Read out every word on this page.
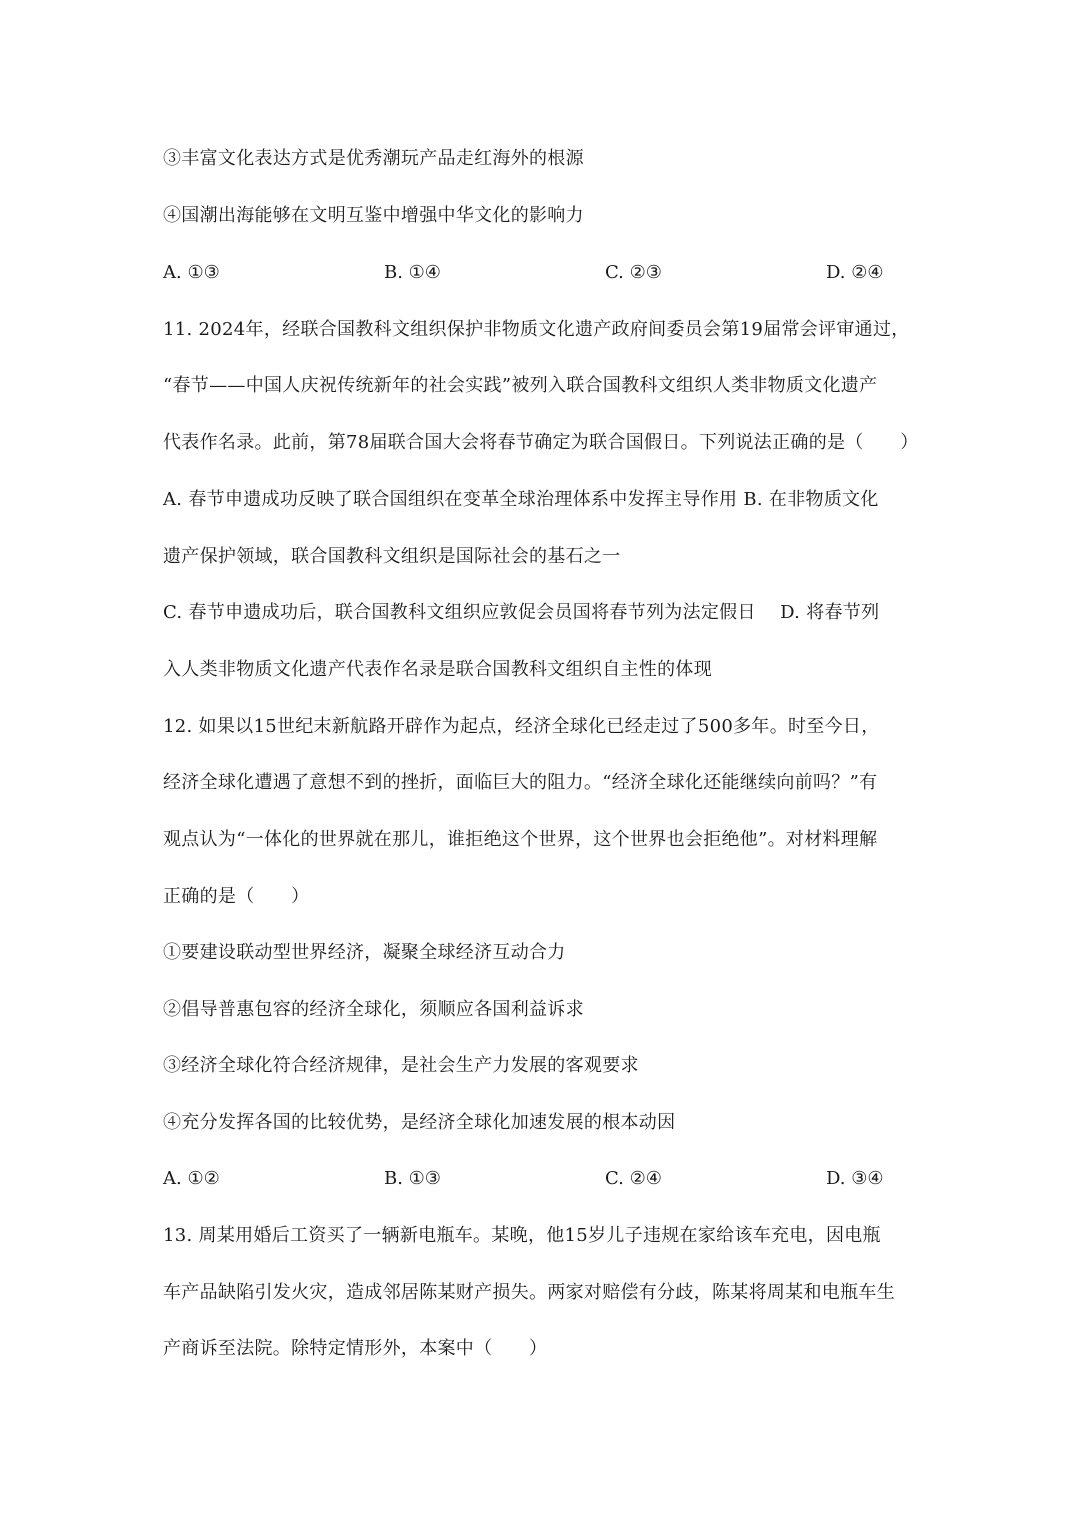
③丰富文化表达方式是优秀潮玩产品走红海外的根源
④国潮出海能够在文明互鉴中增强中华文化的影响力
A. ①③	B. ①④	C. ②③	D. ②④
11. 2024年，经联合国教科文组织保护非物质文化遗产政府间委员会第19届常会评审通过，
“春节——中国人庆祝传统新年的社会实践”被列入联合国教科文组织人类非物质文化遗产
代表作名录。此前，第78届联合国大会将春节确定为联合国假日。下列说法正确的是（　　）
A. 春节申遗成功反映了联合国组织在变革全球治理体系中发挥主导作用 B. 在非物质文化
遗产保护领域，联合国教科文组织是国际社会的基石之一
C. 春节申遗成功后，联合国教科文组织应敦促会员国将春节列为法定假日　 D. 将春节列
入人类非物质文化遗产代表作名录是联合国教科文组织自主性的体现
12. 如果以15世纪末新航路开辟作为起点，经济全球化已经走过了500多年。时至今日，
经济全球化遭遇了意想不到的挫折，面临巨大的阻力。“经济全球化还能继续向前吗？”有
观点认为“一体化的世界就在那儿，谁拒绝这个世界，这个世界也会拒绝他”。对材料理解
正确的是（　　）
①要建设联动型世界经济，凝聚全球经济互动合力
②倡导普惠包容的经济全球化，须顺应各国利益诉求
③经济全球化符合经济规律，是社会生产力发展的客观要求
④充分发挥各国的比较优势，是经济全球化加速发展的根本动因
A. ①②	B. ①③	C. ②④	D. ③④
13. 周某用婚后工资买了一辆新电瓶车。某晚，他15岁儿子违规在家给该车充电，因电瓶
车产品缺陷引发火灾，造成邻居陈某财产损失。两家对赔偿有分歧，陈某将周某和电瓶车生
产商诉至法院。除特定情形外，本案中（　　）
